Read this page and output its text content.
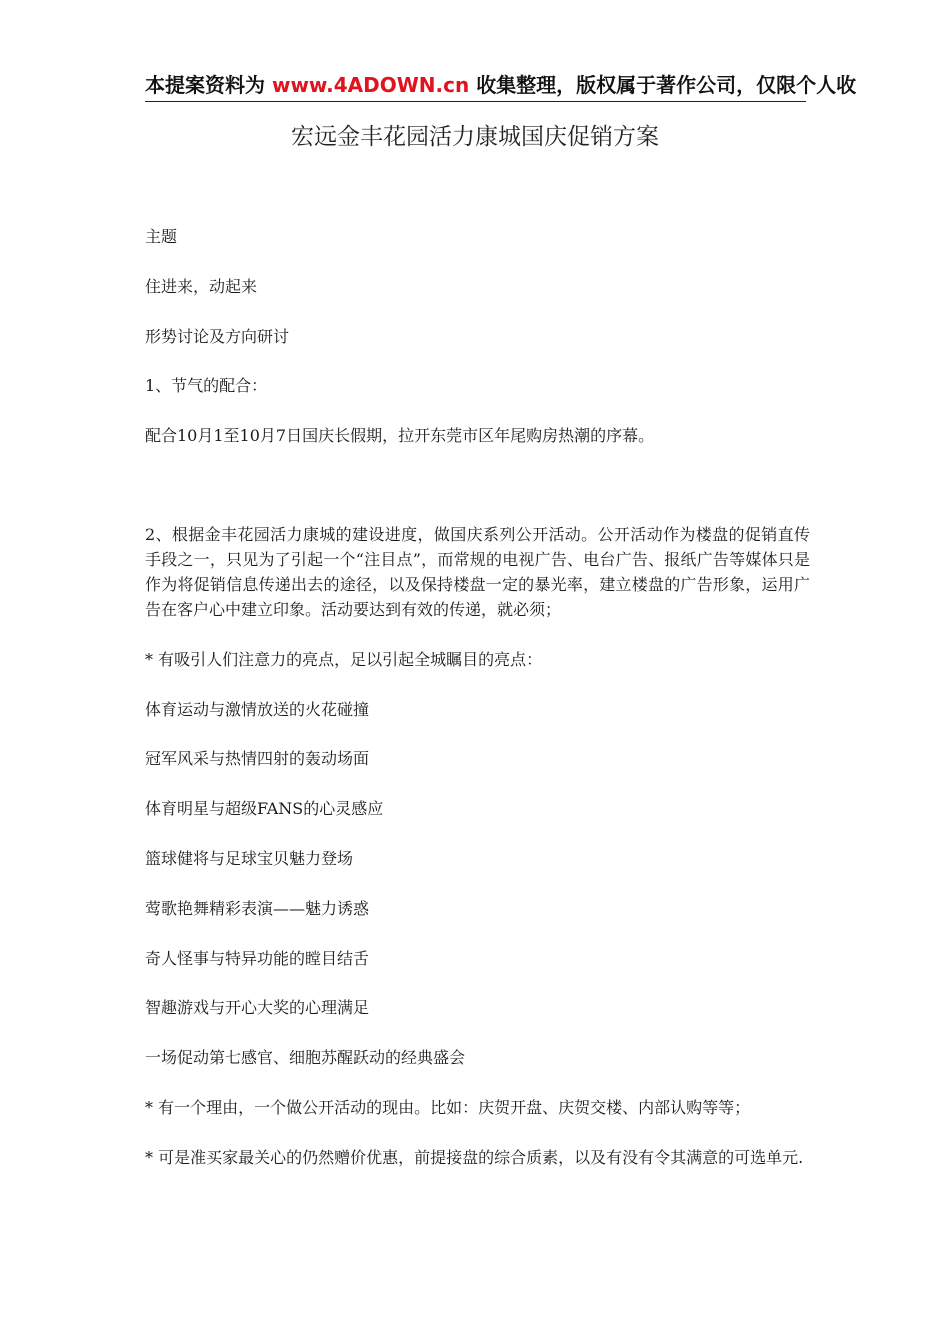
本提案资料为 www.4ADOWN.cn 收集整理，版权属于著作公司，仅限个人收
宏远金丰花园活力康城国庆促销方案

主题

住进来，动起来

形势讨论及方向研讨

1、节气的配合：

配合10月1至10月7日国庆长假期，拉开东莞市区年尾购房热潮的序幕。

2、根据金丰花园活力康城的建设进度，做国庆系列公开活动。公开活动作为楼盘的促销直传手段之一，只见为了引起一个“注目点”，而常规的电视广告、电台广告、报纸广告等媒体只是作为将促销信息传递出去的途径，以及保持楼盘一定的暴光率，建立楼盘的广告形象，运用广告在客户心中建立印象。活动要达到有效的传递，就必须；

* 有吸引人们注意力的亮点，足以引起全城瞩目的亮点：

体育运动与激情放送的火花碰撞

冠军风采与热情四射的轰动场面

体育明星与超级FANS的心灵感应

篮球健将与足球宝贝魅力登场

莺歌艳舞精彩表演——魅力诱惑

奇人怪事与特异功能的瞠目结舌

智趣游戏与开心大奖的心理满足

一场促动第七感官、细胞苏醒跃动的经典盛会

* 有一个理由，一个做公开活动的现由。比如：庆贺开盘、庆贺交楼、内部认购等等；

* 可是准买家最关心的仍然赠价优惠，前提接盘的综合质素，以及有没有令其满意的可选单元.
